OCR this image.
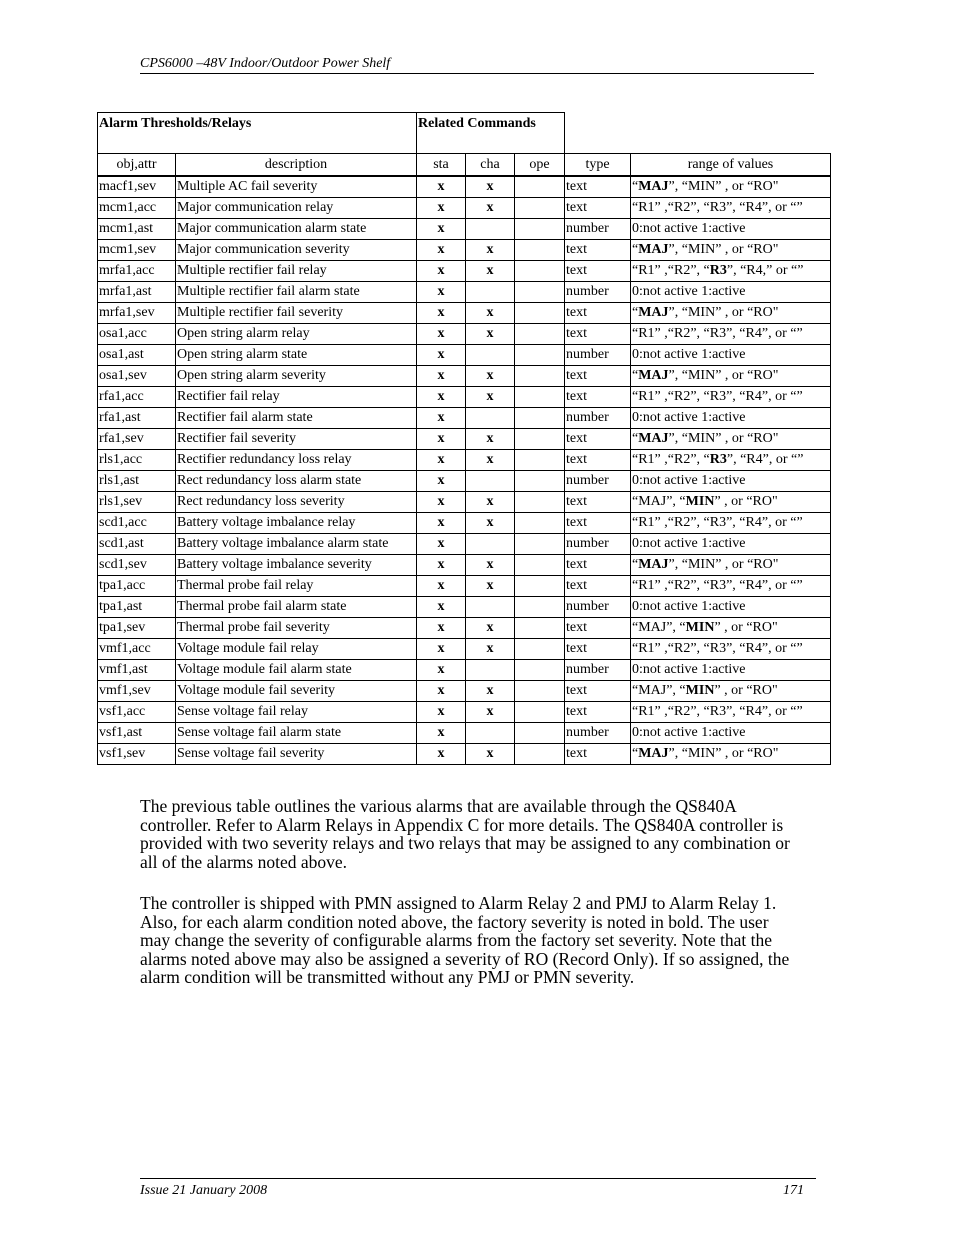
CPS6000 –48V Indoor/Outdoor Power Shelf
Alarm Thresholds/Relays		Related Commands				
obj,attr	description	sta	cha	ope	type	range of values
macf1,sev	Multiple AC fail severity	x	x		text	“MAJ”, “MIN” , or “RO"
mcm1,acc	Major communication relay	x	x		text	“R1” ,“R2”, “R3”, “R4”, or “”
mcm1,ast	Major communication alarm state	x			number	0:not active 1:active
mcm1,sev	Major communication severity	x	x		text	“MAJ”, “MIN” , or “RO"
mrfa1,acc	Multiple rectifier fail relay	x	x		text	“R1” ,“R2”, “R3”, “R4,” or “”
mrfa1,ast	Multiple rectifier fail alarm state	x			number	0:not active 1:active
mrfa1,sev	Multiple rectifier fail severity	x	x		text	“MAJ”, “MIN” , or “RO"
osa1,acc	Open string alarm relay	x	x		text	“R1” ,“R2”, “R3”, “R4”, or “”
osa1,ast	Open string alarm state	x			number	0:not active 1:active
osa1,sev	Open string alarm severity	x	x		text	“MAJ”, “MIN” , or “RO"
rfa1,acc	Rectifier fail relay	x	x		text	“R1” ,“R2”, “R3”, “R4”, or “”
rfa1,ast	Rectifier fail alarm state	x			number	0:not active 1:active
rfa1,sev	Rectifier fail severity	x	x		text	“MAJ”, “MIN” , or “RO"
rls1,acc	Rectifier redundancy loss relay	x	x		text	“R1” ,“R2”, “R3”, “R4”, or “”
rls1,ast	Rect redundancy loss alarm state	x			number	0:not active 1:active
rls1,sev	Rect redundancy loss severity	x	x		text	“MAJ”, “MIN” , or “RO"
scd1,acc	Battery voltage imbalance relay	x	x		text	“R1” ,“R2”, “R3”, “R4”, or “”
scd1,ast	Battery voltage imbalance alarm state	x			number	0:not active 1:active
scd1,sev	Battery voltage imbalance severity	x	x		text	“MAJ”, “MIN” , or “RO"
tpa1,acc	Thermal probe fail relay	x	x		text	“R1” ,“R2”, “R3”, “R4”, or “”
tpa1,ast	Thermal probe fail alarm state	x			number	0:not active 1:active
tpa1,sev	Thermal probe fail severity	x	x		text	“MAJ”, “MIN” , or “RO"
vmf1,acc	Voltage module fail relay	x	x		text	“R1” ,“R2”, “R3”, “R4”, or “”
vmf1,ast	Voltage module fail alarm state	x			number	0:not active 1:active
vmf1,sev	Voltage module fail severity	x	x		text	“MAJ”, “MIN” , or “RO"
vsf1,acc	Sense voltage fail relay	x	x		text	“R1” ,“R2”, “R3”, “R4”, or “”
vsf1,ast	Sense voltage fail alarm state	x			number	0:not active 1:active
vsf1,sev	Sense voltage fail severity	x	x		text	“MAJ”, “MIN” , or “RO"
The previous table outlines the various alarms that are available through the QS840A controller. Refer to Alarm Relays in Appendix C for more details. The QS840A controller is provided with two severity relays and two relays that may be assigned to any combination or all of the alarms noted above.
The controller is shipped with PMN assigned to Alarm Relay 2 and PMJ to Alarm Relay 1. Also, for each alarm condition noted above, the factory severity is noted in bold. The user may change the severity of configurable alarms from the factory set severity. Note that the alarms noted above may also be assigned a severity of RO (Record Only). If so assigned, the alarm condition will be transmitted without any PMJ or PMN severity.
Issue 21 January 2008	171
